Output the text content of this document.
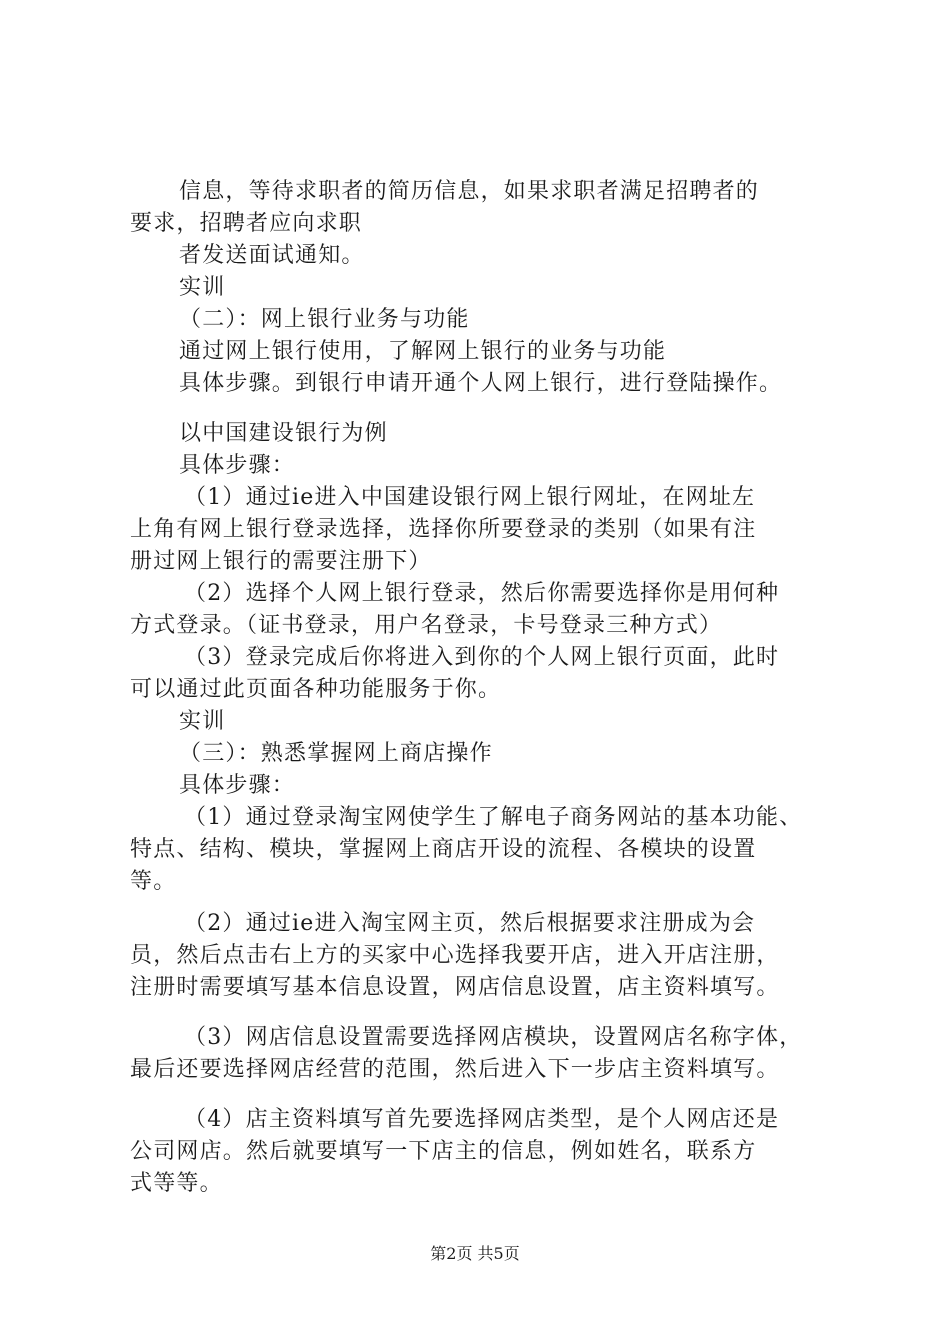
信息，等待求职者的简历信息，如果求职者满足招聘者的
要求，招聘者应向求职
者发送面试通知。
实训
（二）：网上银行业务与功能
通过网上银行使用，了解网上银行的业务与功能
具体步骤。到银行申请开通个人网上银行，进行登陆操作。
以中国建设银行为例
具体步骤：
（1）通过ie进入中国建设银行网上银行网址，在网址左
上角有网上银行登录选择，选择你所要登录的类别（如果有注
册过网上银行的需要注册下）
（2）选择个人网上银行登录，然后你需要选择你是用何种
方式登录。（证书登录，用户名登录，卡号登录三种方式）
（3）登录完成后你将进入到你的个人网上银行页面，此时
可以通过此页面各种功能服务于你。
实训
（三）：熟悉掌握网上商店操作
具体步骤：
（1）通过登录淘宝网使学生了解电子商务网站的基本功能、
特点、结构、模块，掌握网上商店开设的流程、各模块的设置
等。
（2）通过ie进入淘宝网主页，然后根据要求注册成为会
员，然后点击右上方的买家中心选择我要开店，进入开店注册，
注册时需要填写基本信息设置，网店信息设置，店主资料填写。
（3）网店信息设置需要选择网店模块，设置网店名称字体，
最后还要选择网店经营的范围，然后进入下一步店主资料填写。
（4）店主资料填写首先要选择网店类型，是个人网店还是
公司网店。然后就要填写一下店主的信息，例如姓名，联系方
式等等。
第2页 共5页
